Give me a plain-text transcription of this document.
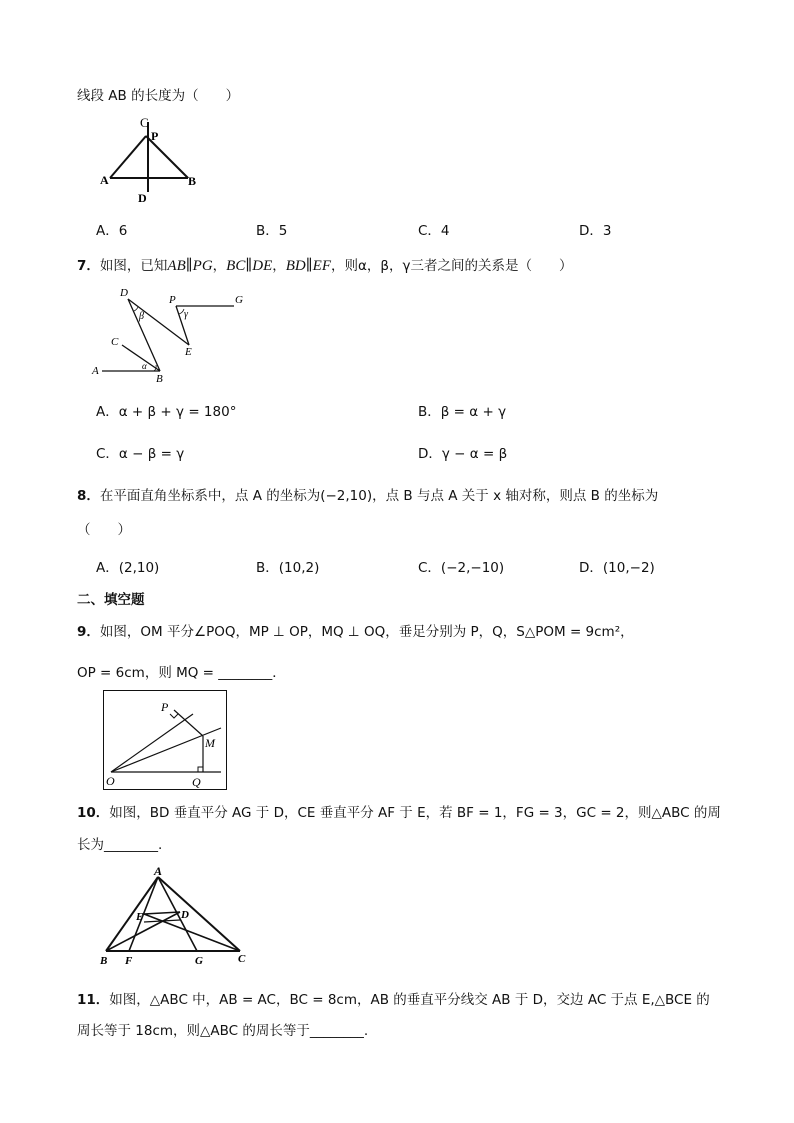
线段 AB 的长度为（　　）
C
P
A	B
D
A．6	B．5	C．4	D．3
7．如图，已知AB∥PG，BC∥DE，BD∥EF，则α，β，γ三者之间的关系是（　　）
D
P	G
β	γ
C
E
A	α
B
A．α + β + γ = 180°	B．β = α + γ
C．α − β = γ	D．γ − α = β
8．在平面直角坐标系中，点 A 的坐标为(−2,10)，点 B 与点 A 关于 x 轴对称，则点 B 的坐标为
（　　）
A．(2,10)	B．(10,2)	C．(−2,−10)	D．(10,−2)
二、填空题
9．如图，OM 平分∠POQ，MP ⊥ OP，MQ ⊥ OQ，垂足分别为 P，Q，S△POM = 9cm²，
OP = 6cm，则 MQ = ________．
P
M
O	Q
10．如图，BD 垂直平分 AG 于 D，CE 垂直平分 AF 于 E，若 BF = 1，FG = 3，GC = 2，则△ABC 的周
长为________.
A
E	D
B F	G	C
11．如图，△ABC 中，AB = AC，BC = 8cm，AB 的垂直平分线交 AB 于 D，交边 AC 于点 E,△BCE 的
周长等于 18cm，则△ABC 的周长等于________.
